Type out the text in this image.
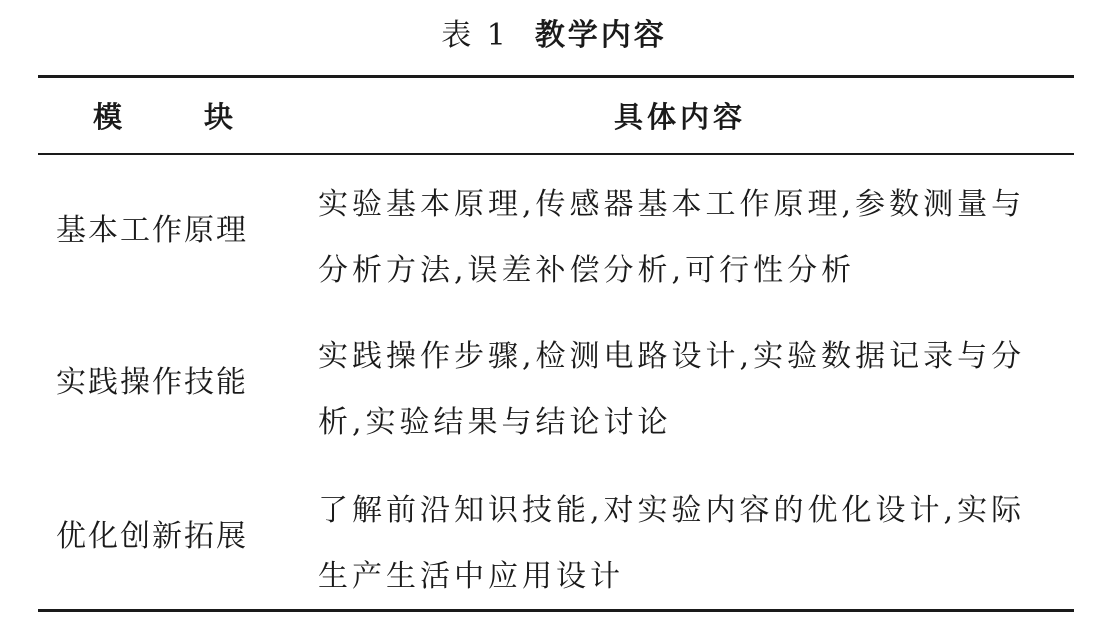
表 1 教学内容
模	块	具体内容
基本工作原理
实验基本原理,传感器基本工作原理,参数测量与分析方法,误差补偿分析,可行性分析
实践操作技能
实践操作步骤,检测电路设计,实验数据记录与分析,实验结果与结论讨论
优化创新拓展
了解前沿知识技能,对实验内容的优化设计,实际生产生活中应用设计
